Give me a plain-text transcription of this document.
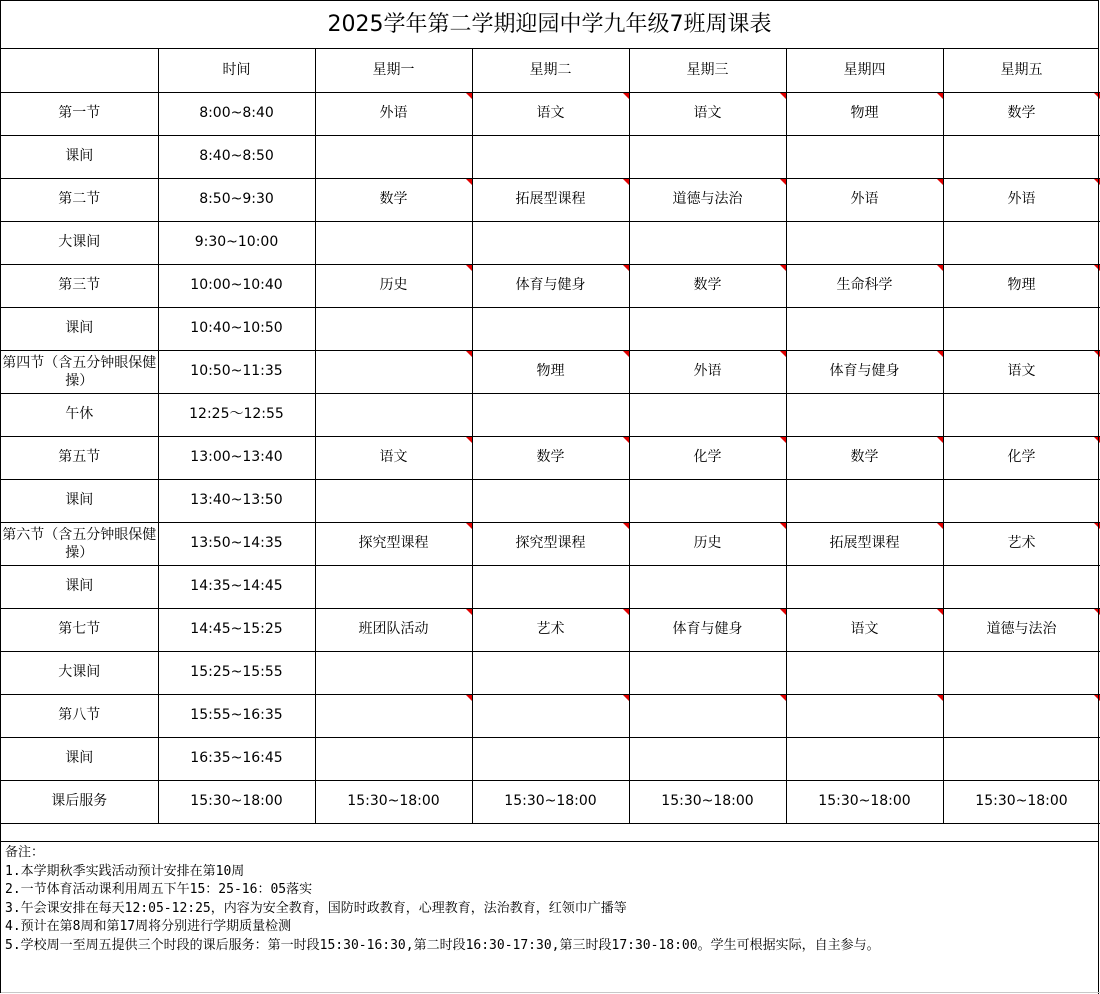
2025学年第二学期迎园中学九年级7班周课表
	时间	星期一	星期二	星期三	星期四	星期五
第一节	8:00~8:40	外语	语文	语文	物理	数学
课间	8:40~8:50					
第二节	8:50~9:30	数学	拓展型课程	道德与法治	外语	外语
大课间	9:30~10:00					
第三节	10:00~10:40	历史	体育与健身	数学	生命科学	物理
课间	10:40~10:50					
第四节（含五分钟眼保健操）	10:50~11:35		物理	外语	体育与健身	语文
午休	12:25～12:55					
第五节	13:00~13:40	语文	数学	化学	数学	化学
课间	13:40~13:50					
第六节（含五分钟眼保健操）	13:50~14:35	探究型课程	探究型课程	历史	拓展型课程	艺术
课间	14:35~14:45					
第七节	14:45~15:25	班团队活动	艺术	体育与健身	语文	道德与法治
大课间	15:25~15:55					
第八节	15:55~16:35					
课间	16:35~16:45					
课后服务	15:30~18:00	15:30~18:00	15:30~18:00	15:30~18:00	15:30~18:00	15:30~18:00
备注：
1.本学期秋季实践活动预计安排在第10周
2.一节体育活动课利用周五下午15：25-16：05落实
3.午会课安排在每天12:05-12:25，内容为安全教育，国防时政教育，心理教育，法治教育，红领巾广播等
4.预计在第8周和第17周将分别进行学期质量检测
5.学校周一至周五提供三个时段的课后服务：第一时段15:30-16:30,第二时段16:30-17:30,第三时段17:30-18:00。学生可根据实际，自主参与。
